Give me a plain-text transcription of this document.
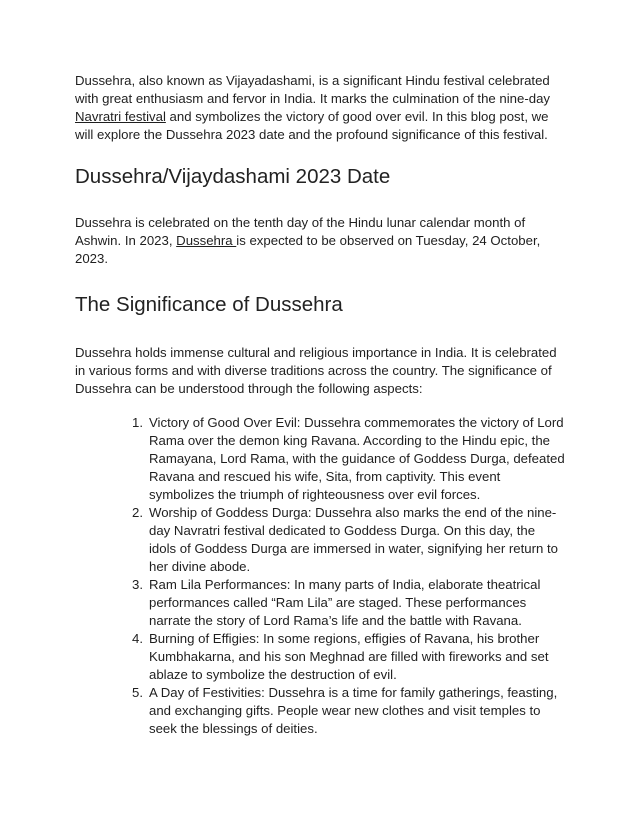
Dussehra, also known as Vijayadashami, is a significant Hindu festival celebrated with great enthusiasm and fervor in India. It marks the culmination of the nine-day Navratri festival and symbolizes the victory of good over evil. In this blog post, we will explore the Dussehra 2023 date and the profound significance of this festival.

Dussehra/Vijaydashami 2023 Date

Dussehra is celebrated on the tenth day of the Hindu lunar calendar month of Ashwin. In 2023, Dussehra is expected to be observed on Tuesday, 24 October, 2023.

The Significance of Dussehra

Dussehra holds immense cultural and religious importance in India. It is celebrated in various forms and with diverse traditions across the country. The significance of Dussehra can be understood through the following aspects:

1. Victory of Good Over Evil: Dussehra commemorates the victory of Lord Rama over the demon king Ravana. According to the Hindu epic, the Ramayana, Lord Rama, with the guidance of Goddess Durga, defeated Ravana and rescued his wife, Sita, from captivity. This event symbolizes the triumph of righteousness over evil forces.
2. Worship of Goddess Durga: Dussehra also marks the end of the nine-day Navratri festival dedicated to Goddess Durga. On this day, the idols of Goddess Durga are immersed in water, signifying her return to her divine abode.
3. Ram Lila Performances: In many parts of India, elaborate theatrical performances called “Ram Lila” are staged. These performances narrate the story of Lord Rama’s life and the battle with Ravana.
4. Burning of Effigies: In some regions, effigies of Ravana, his brother Kumbhakarna, and his son Meghnad are filled with fireworks and set ablaze to symbolize the destruction of evil.
5. A Day of Festivities: Dussehra is a time for family gatherings, feasting, and exchanging gifts. People wear new clothes and visit temples to seek the blessings of deities.
